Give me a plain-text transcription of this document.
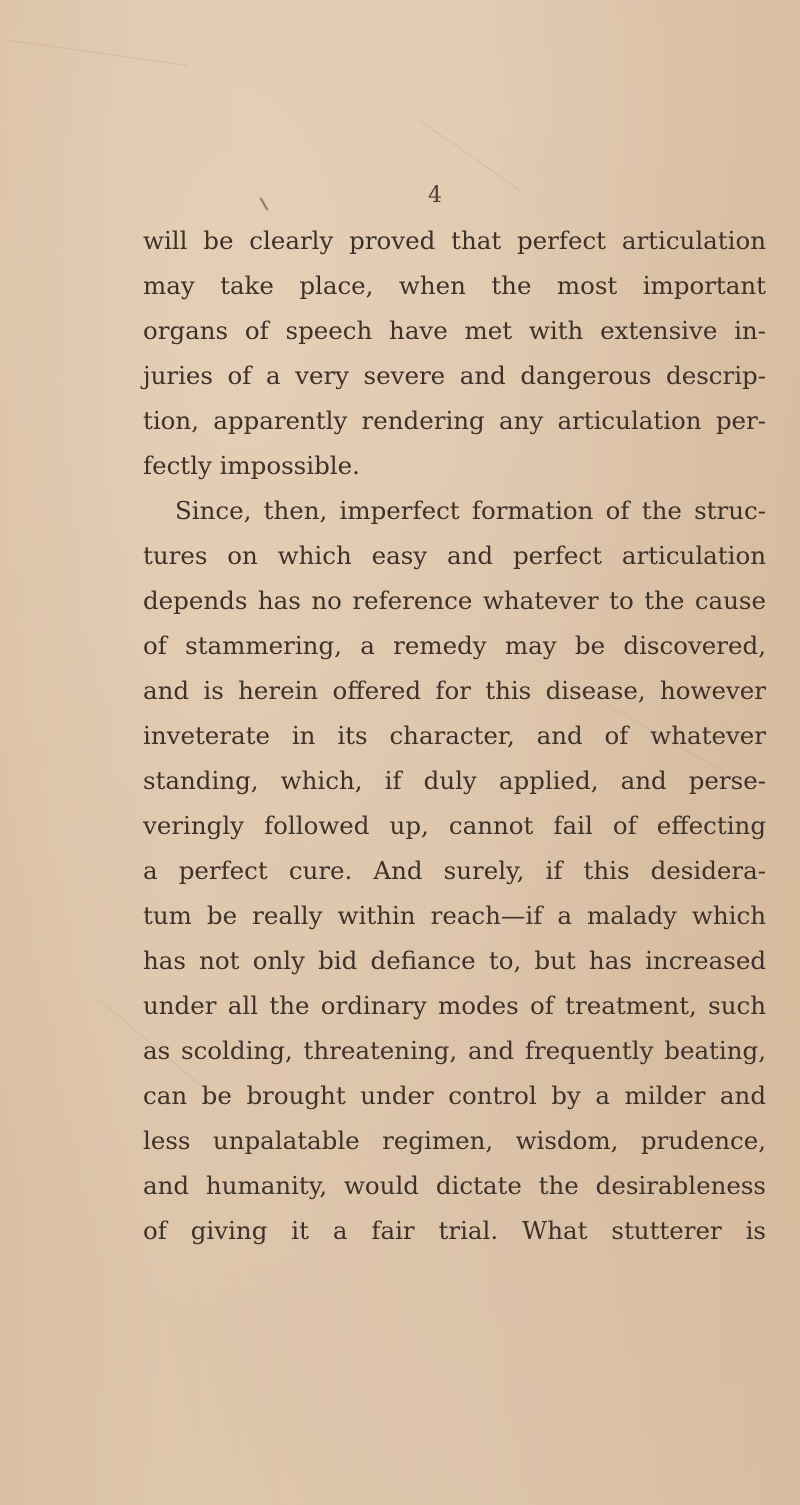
4
will be clearly proved that perfect articulation
may take place, when the most important
organs of speech have met with extensive in-
juries of a very severe and dangerous descrip-
tion, apparently rendering any articulation per-
fectly impossible.
Since, then, imperfect formation of the struc-
tures on which easy and perfect articulation
depends has no reference whatever to the cause
of stammering, a remedy may be discovered,
and is herein offered for this disease, however
inveterate in its character, and of whatever
standing, which, if duly applied, and perse-
veringly followed up, cannot fail of effecting
a perfect cure. And surely, if this desidera-
tum be really within reach—if a malady which
has not only bid defiance to, but has increased
under all the ordinary modes of treatment, such
as scolding, threatening, and frequently beating,
can be brought under control by a milder and
less unpalatable regimen, wisdom, prudence,
and humanity, would dictate the desirableness
of giving it a fair trial. What stutterer is
